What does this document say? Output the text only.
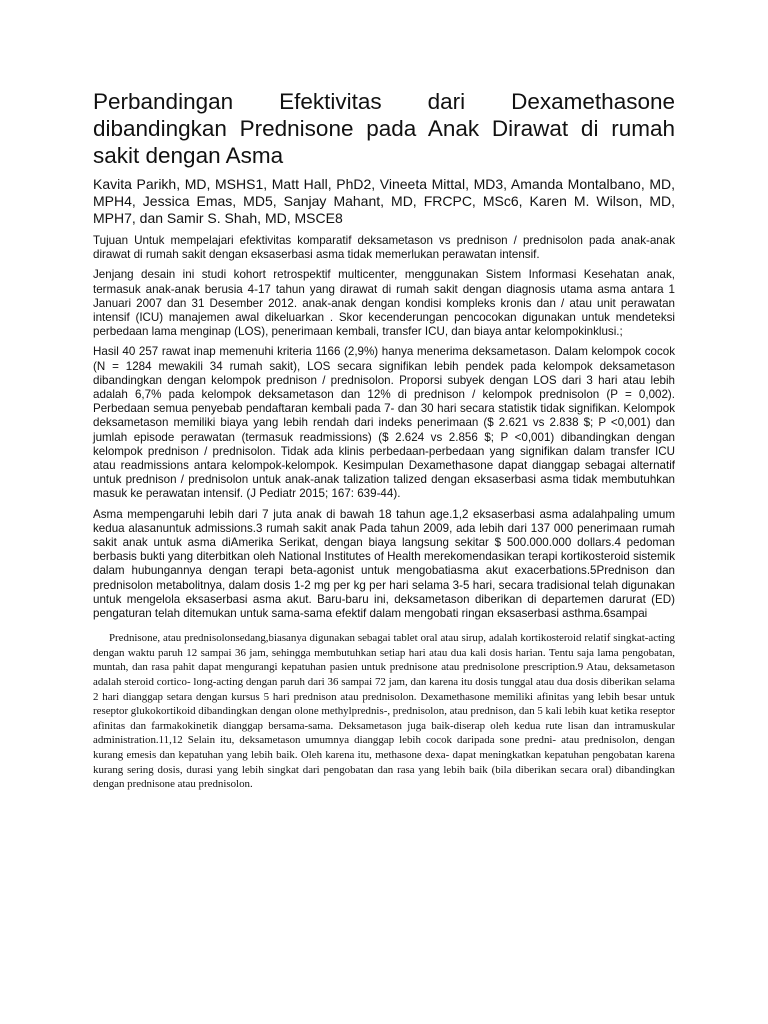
Perbandingan Efektivitas dari Dexamethasone dibandingkan Prednisone pada Anak Dirawat di rumah sakit dengan Asma
Kavita Parikh, MD, MSHS1, Matt Hall, PhD2, Vineeta Mittal, MD3, Amanda Montalbano, MD, MPH4, Jessica Emas, MD5, Sanjay Mahant, MD, FRCPC, MSc6, Karen M. Wilson, MD, MPH7, dan Samir S. Shah, MD, MSCE8

Tujuan Untuk mempelajari efektivitas komparatif deksametason vs prednison / prednisolon pada anak-anak dirawat di rumah sakit dengan eksaserbasi asma tidak memerlukan perawatan intensif.

Jenjang desain ini studi kohort retrospektif multicenter, menggunakan Sistem Informasi Kesehatan anak, termasuk anak-anak berusia 4-17 tahun yang dirawat di rumah sakit dengan diagnosis utama asma antara 1 Januari 2007 dan 31 Desember 2012. anak-anak dengan kondisi kompleks kronis dan / atau unit perawatan intensif (ICU) manajemen awal dikeluarkan . Skor kecenderungan pencocokan digunakan untuk mendeteksi perbedaan lama menginap (LOS), penerimaan kembali, transfer ICU, dan biaya antar kelompokinklusi.;

Hasil 40 257 rawat inap memenuhi kriteria 1166 (2,9%) hanya menerima deksametason. Dalam kelompok cocok (N = 1284 mewakili 34 rumah sakit), LOS secara signifikan lebih pendek pada kelompok deksametason dibandingkan dengan kelompok prednison / prednisolon. Proporsi subyek dengan LOS dari 3 hari atau lebih adalah 6,7% pada kelompok deksametason dan 12% di prednison / kelompok prednisolon (P = 0,002). Perbedaan semua penyebab pendaftaran kembali pada 7- dan 30 hari secara statistik tidak signifikan. Kelompok deksametason memiliki biaya yang lebih rendah dari indeks penerimaan ($ 2.621 vs 2.838 $; P <0,001) dan jumlah episode perawatan (termasuk readmissions) ($ 2.624 vs 2.856 $; P <0,001) dibandingkan dengan kelompok prednison / prednisolon. Tidak ada klinis perbedaan-perbedaan yang signifikan dalam transfer ICU atau readmissions antara kelompok-kelompok. Kesimpulan Dexamethasone dapat dianggap sebagai alternatif untuk prednison / prednisolon untuk anak-anak talization talized dengan eksaserbasi asma tidak membutuhkan masuk ke perawatan intensif. (J Pediatr 2015; 167: 639-44).

Asma mempengaruhi lebih dari 7 juta anak di bawah 18 tahun age.1,2 eksaserbasi asma adalahpaling umum kedua alasanuntuk admissions.3 rumah sakit anak Pada tahun 2009, ada lebih dari 137 000 penerimaan rumah sakit anak untuk asma diAmerika Serikat, dengan biaya langsung sekitar $ 500.000.000 dollars.4 pedoman berbasis bukti yang diterbitkan oleh National Institutes of Health merekomendasikan terapi kortikosteroid sistemik dalam hubungannya dengan terapi beta-agonist untuk mengobatiasma akut exacerbations.5Prednison dan prednisolon metabolitnya, dalam dosis 1-2 mg per kg per hari selama 3-5 hari, secara tradisional telah digunakan untuk mengelola eksaserbasi asma akut. Baru-baru ini, deksametason diberikan di departemen darurat (ED) pengaturan telah ditemukan untuk sama-sama efektif dalam mengobati ringan eksaserbasi asthma.6sampai

Prednisone, atau prednisolonsedang,biasanya digunakan sebagai tablet oral atau sirup, adalah kortikosteroid relatif singkat-acting dengan waktu paruh 12 sampai 36 jam, sehingga membutuhkan setiap hari atau dua kali dosis harian. Tentu saja lama pengobatan, muntah, dan rasa pahit dapat mengurangi kepatuhan pasien untuk prednisone atau prednisolone prescription.9 Atau, deksametason adalah steroid cortico- long-acting dengan paruh dari 36 sampai 72 jam, dan karena itu dosis tunggal atau dua dosis diberikan selama 2 hari dianggap setara dengan kursus 5 hari prednison atau prednisolon. Dexamethasone memiliki afinitas yang lebih besar untuk reseptor glukokortikoid dibandingkan dengan olone methylprednis-, prednisolon, atau prednison, dan 5 kali lebih kuat ketika reseptor afinitas dan farmakokinetik dianggap bersama-sama. Deksametason juga baik-diserap oleh kedua rute lisan dan intramuskular administration.11,12 Selain itu, deksametason umumnya dianggap lebih cocok daripada sone predni- atau prednisolon, dengan kurang emesis dan kepatuhan yang lebih baik. Oleh karena itu, methasone dexa- dapat meningkatkan kepatuhan pengobatan karena kurang sering dosis, durasi yang lebih singkat dari pengobatan dan rasa yang lebih baik (bila diberikan secara oral) dibandingkan dengan prednisone atau prednisolon.
